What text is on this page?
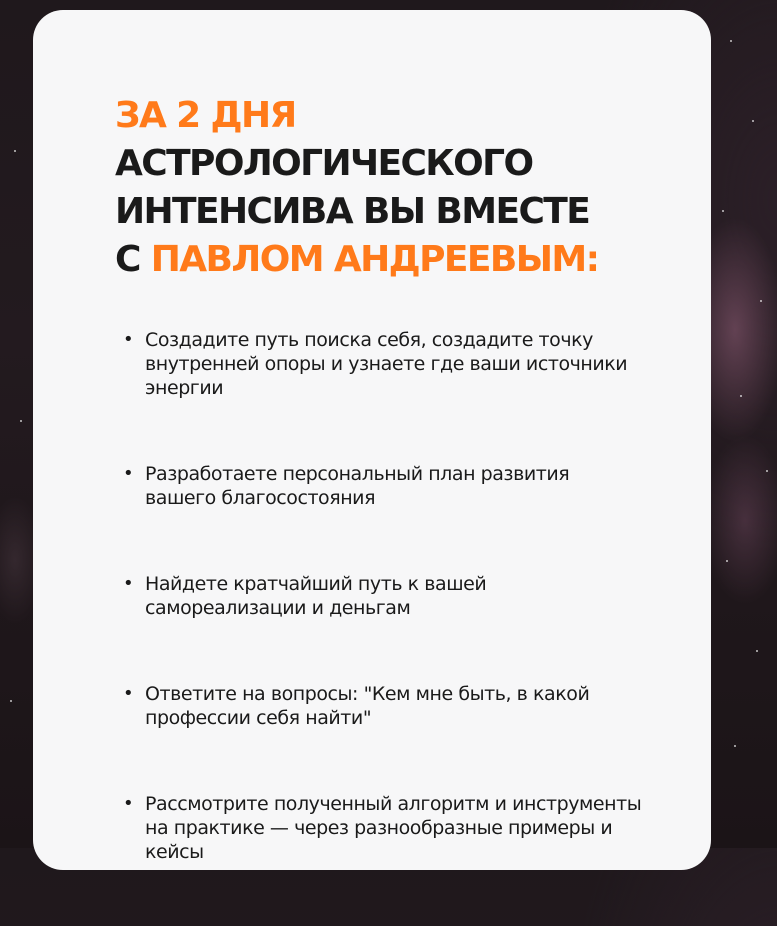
ЗА 2 ДНЯ
АСТРОЛОГИЧЕСКОГО
ИНТЕНСИВА ВЫ ВМЕСТЕ
С ПАВЛОМ АНДРЕЕВЫМ:
• Создадите путь поиска себя, создадите точку внутренней опоры и узнаете где ваши источники энергии
• Разработаете персональный план развития вашего благосостояния
• Найдете кратчайший путь к вашей самореализации и деньгам
• Ответите на вопросы: "Кем мне быть, в какой профессии себя найти"
• Рассмотрите полученный алгоритм и инструменты на практике — через разнообразные примеры и кейсы
